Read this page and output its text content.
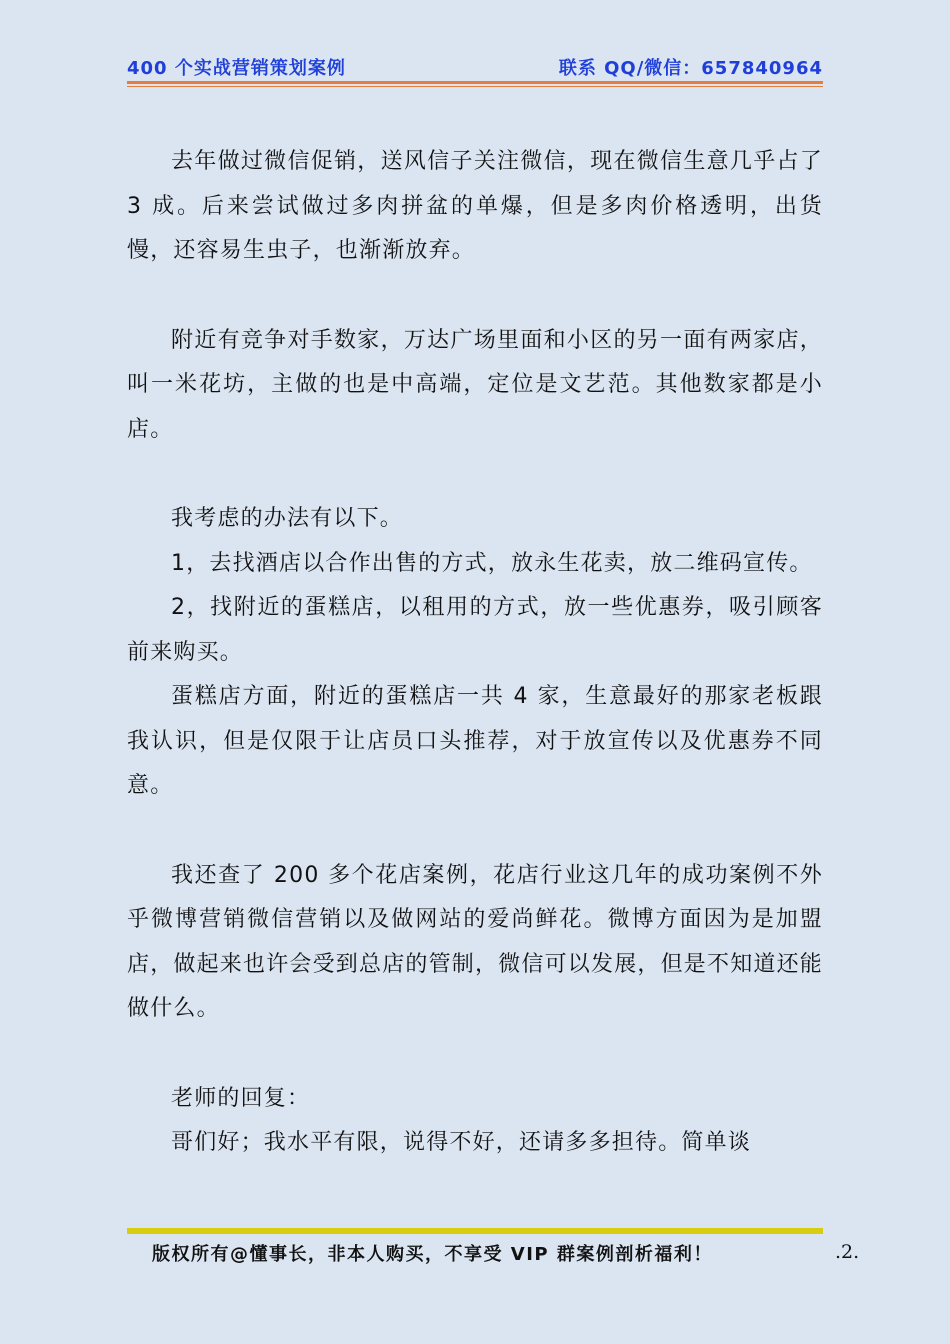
400 个实战营销策划案例	联系 QQ/微信：657840964

去年做过微信促销，送风信子关注微信，现在微信生意几乎占了 3 成。后来尝试做过多肉拼盆的单爆，但是多肉价格透明，出货慢，还容易生虫子，也渐渐放弃。

附近有竞争对手数家，万达广场里面和小区的另一面有两家店，叫一米花坊，主做的也是中高端，定位是文艺范。其他数家都是小店。

我考虑的办法有以下。

1，去找酒店以合作出售的方式，放永生花卖，放二维码宣传。

2，找附近的蛋糕店，以租用的方式，放一些优惠券，吸引顾客前来购买。

蛋糕店方面，附近的蛋糕店一共 4 家，生意最好的那家老板跟我认识，但是仅限于让店员口头推荐，对于放宣传以及优惠券不同意。

我还查了 200 多个花店案例，花店行业这几年的成功案例不外乎微博营销微信营销以及做网站的爱尚鲜花。微博方面因为是加盟店，做起来也许会受到总店的管制，微信可以发展，但是不知道还能做什么。

老师的回复：

哥们好；我水平有限，说得不好，还请多多担待。简单谈

版权所有@懂事长，非本人购买，不享受 VIP 群案例剖析福利！	.2.
